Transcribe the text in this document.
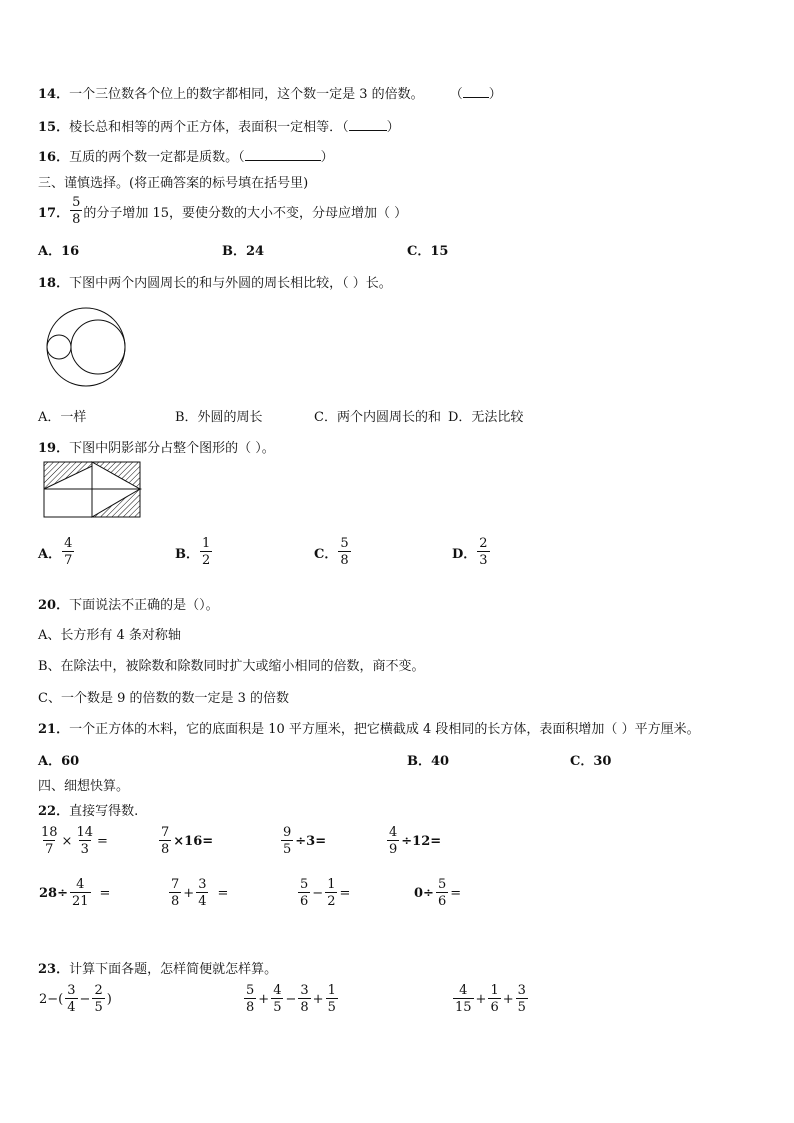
14．一个三位数各个位上的数字都相同，这个数一定是 3 的倍数。 （ ）
15．棱长总和相等的两个正方体，表面积一定相等．（	）
16．互质的两个数一定都是质数。（	）
三、谨慎选择。(将正确答案的标号填在括号里)
17． $\frac{5}{8}$ 的分子增加 15，要使分数的大小不变，分母应增加（ ）
A．16	B．24	C．15
18．下图中两个内圆周长的和与外圆的周长相比较，（ ）长。
A．一样	B．外圆的周长	C．两个内圆周长的和 D．无法比较
19．下图中阴影部分占整个图形的（ ）。
A． $\frac{4}{7}$	B． $\frac{1}{2}$	C． $\frac{5}{8}$	D． $\frac{2}{3}$
20．下面说法不正确的是（）。
A、长方形有 4 条对称轴
B、在除法中，被除数和除数同时扩大或缩小相同的倍数，商不变。
C、一个数是 9 的倍数的数一定是 3 的倍数
21．一个正方体的木料，它的底面积是 10 平方厘米，把它横截成 4 段相同的长方体，表面积增加（ ）平方厘米。
A．60	B．40	C．30
四、细想快算。
22．直接写得数.
$\frac{18}{7} \times \frac{14}{3}$ =	$\frac{7}{8} \times 16=$	$\frac{9}{5} \div 3=$	$\frac{4}{9} \div 12=$
$28\div \frac{4}{21}$ =	$\frac{7}{8} + \frac{3}{4}$ =	$\frac{5}{6} - \frac{1}{2}$ =	$0\div \frac{5}{6}$ =
23．计算下面各题，怎样简便就怎样算。
$2-( \frac{3}{4} - \frac{2}{5}$ )	$\frac{5}{8} + \frac{4}{5} - \frac{3}{8} + \frac{1}{5}$	$\frac{4}{15} + \frac{1}{6} + \frac{3}{5}$
